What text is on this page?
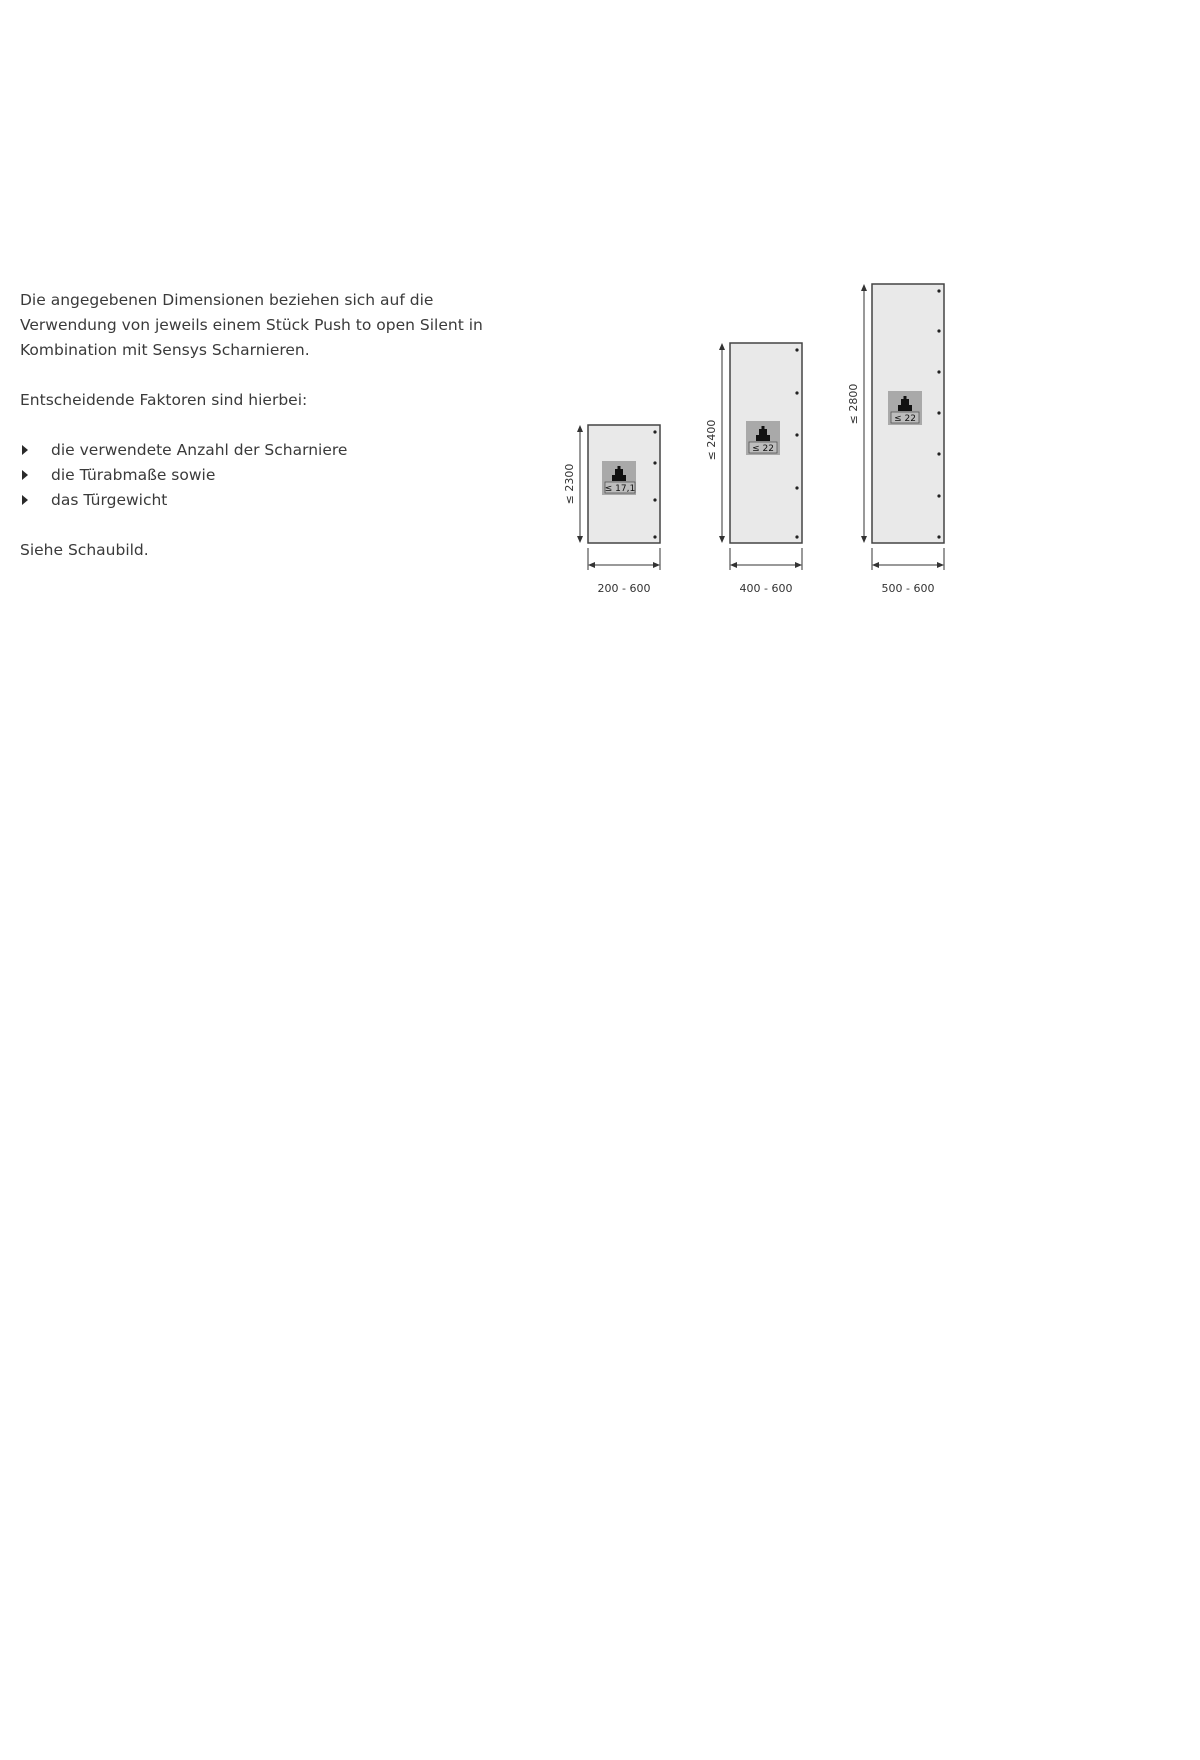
Die angegebenen Dimensionen beziehen sich auf die Verwendung von jeweils einem Stück Push to open Silent in Kombination mit Sensys Scharnieren.

Entscheidende Faktoren sind hierbei:

die verwendete Anzahl der Scharniere
die Türabmaße sowie
das Türgewicht

Siehe Schaubild.

≤ 17,1
≤ 2300
200 - 600
≤ 22
≤ 2400
400 - 600
≤ 22
≤ 2800
500 - 600
